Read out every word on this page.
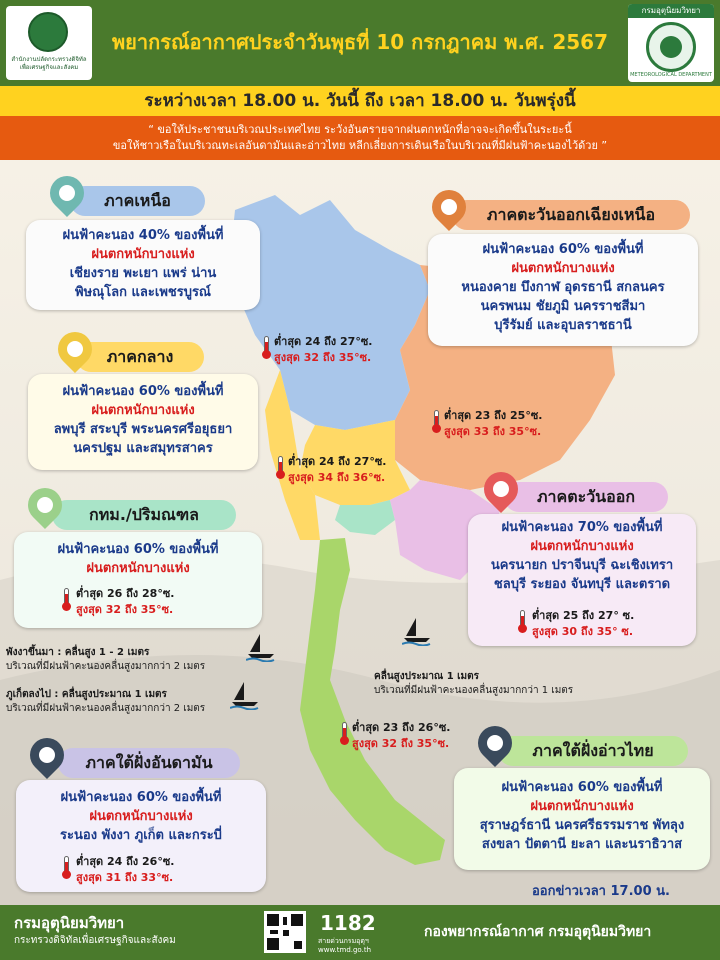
สำนักงานปลัดกระทรวงดิจิทัลเพื่อเศรษฐกิจและสังคม
พยากรณ์อากาศประจำวันพุธที่ 10 กรกฎาคม พ.ศ. 2567
กรมอุตุนิยมวิทยา
METEOROLOGICAL DEPARTMENT
ระหว่างเวลา 18.00 น. วันนี้ ถึง เวลา 18.00 น. วันพรุ่งนี้
“ ขอให้ประชาชนบริเวณประเทศไทย ระวังอันตรายจากฝนตกหนักที่อาจจะเกิดขึ้นในระยะนี้
ขอให้ชาวเรือในบริเวณทะเลอันดามันและอ่าวไทย หลีกเลี่ยงการเดินเรือในบริเวณที่มีฝนฟ้าคะนองไว้ด้วย ”
ภาคเหนือ
ฝนฟ้าคะนอง 40% ของพื้นที่
ฝนตกหนักบางแห่ง
เชียงราย พะเยา แพร่ น่าน
พิษณุโลก และเพชรบูรณ์
ต่ำสุด 24 ถึง 27°ซ.
สูงสุด 32 ถึง 35°ซ.
ภาคตะวันออกเฉียงเหนือ
ฝนฟ้าคะนอง 60% ของพื้นที่
ฝนตกหนักบางแห่ง
หนองคาย บึงกาฬ อุดรธานี สกลนคร
นครพนม ชัยภูมิ นครราชสีมา
บุรีรัมย์ และอุบลราชธานี
ต่ำสุด 23 ถึง 25°ซ.
สูงสุด 33 ถึง 35°ซ.
ภาคกลาง
ฝนฟ้าคะนอง 60% ของพื้นที่
ฝนตกหนักบางแห่ง
ลพบุรี สระบุรี พระนครศรีอยุธยา
นครปฐม และสมุทรสาคร
ต่ำสุด 24 ถึง 27°ซ.
สูงสุด 34 ถึง 36°ซ.
กทม./ปริมณฑล
ฝนฟ้าคะนอง 60% ของพื้นที่
ฝนตกหนักบางแห่ง
ต่ำสุด 26 ถึง 28°ซ.
สูงสุด 32 ถึง 35°ซ.
ภาคตะวันออก
ฝนฟ้าคะนอง 70% ของพื้นที่
ฝนตกหนักบางแห่ง
นครนายก ปราจีนบุรี ฉะเชิงเทรา
ชลบุรี ระยอง จันทบุรี และตราด
ต่ำสุด 25 ถึง 27° ซ.
สูงสุด 30 ถึง 35° ซ.
พังงาขึ้นมา : คลื่นสูง 1 - 2 เมตร
บริเวณที่มีฝนฟ้าคะนองคลื่นสูงมากกว่า 2 เมตร
ภูเก็ตลงไป : คลื่นสูงประมาณ 1 เมตร
บริเวณที่มีฝนฟ้าคะนองคลื่นสูงมากกว่า 2 เมตร
คลื่นสูงประมาณ 1 เมตร
บริเวณที่มีฝนฟ้าคะนองคลื่นสูงมากกว่า 1 เมตร
ภาคใต้ฝั่งอันดามัน
ฝนฟ้าคะนอง 60% ของพื้นที่
ฝนตกหนักบางแห่ง
ระนอง พังงา ภูเก็ต และกระบี่
ต่ำสุด 24 ถึง 26°ซ.
สูงสุด 31 ถึง 33°ซ.
ต่ำสุด 23 ถึง 26°ซ.
สูงสุด 32 ถึง 35°ซ.	ภาคใต้ฝั่งอ่าวไทย
ฝนฟ้าคะนอง 60% ของพื้นที่
ฝนตกหนักบางแห่ง
สุราษฎร์ธานี นครศรีธรรมราช พัทลุง
สงขลา ปัตตานี ยะลา และนราธิวาส
ออกข่าวเวลา 17.00 น.
กรมอุตุนิยมวิทยา
กระทรวงดิจิทัลเพื่อเศรษฐกิจและสังคม
1182
สายด่วนกรมอุตุฯ
www.tmd.go.th
กองพยากรณ์อากาศ กรมอุตุนิยมวิทยา
